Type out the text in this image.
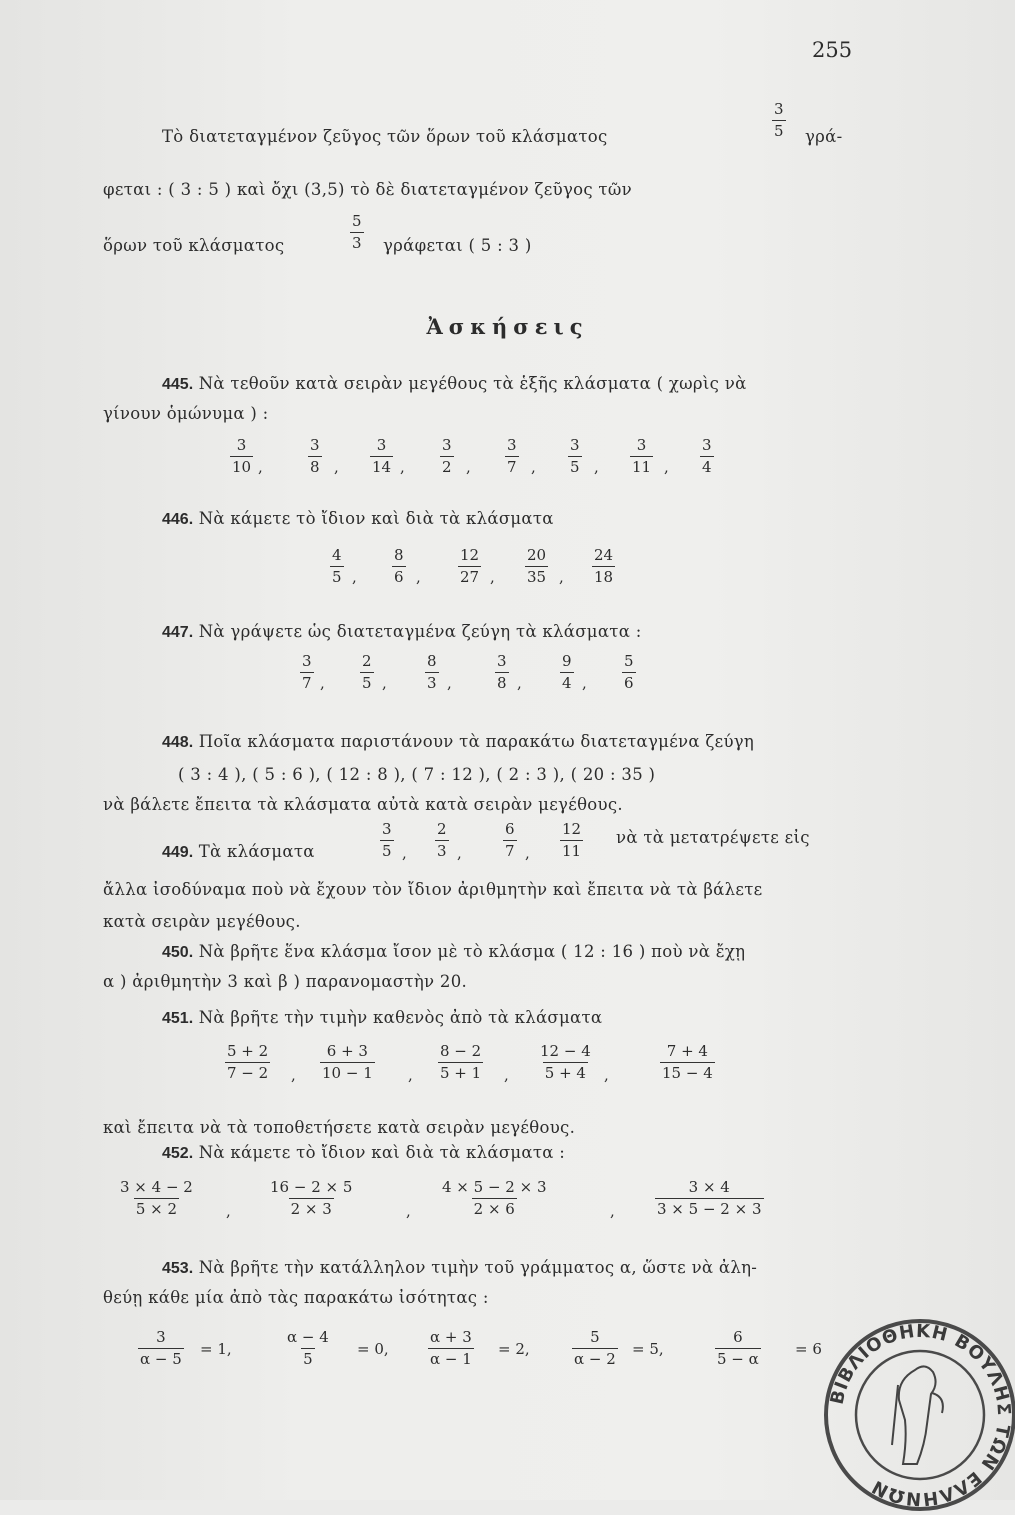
255
Τὸ διατεταγμένον ζεῦγος τῶν ὅρων τοῦ κλάσματος	$\frac{3}{5} \gamma\rho ά-$
φεται : ( 3 : 5 ) καὶ ὄχι (3,5) τὸ δὲ διατεταγμένον ζεῦγος τῶν
ὅρων τοῦ κλάσματος	$\frac{5}{3}$ γράφεται ( 5 : 3 )
Ἀσκήσεις
445. Νὰ τεθοῦν κατὰ σειρὰν μεγέθους τὰ ἑξῆς κλάσματα ( χωρὶς νὰ
γίνουν ὁμώνυμα ) :
$\frac{3}{10}$ ,	$\frac{3}{8}$ , $\frac{3}{14}$ , $\frac{3}{2}$ , $\frac{3}{7}$ , $\frac{3}{5}$ , $\frac{3}{11}$ , $\frac{3}{4}$
446. Νὰ κάμετε τὸ ἴδιον καὶ διὰ τὰ κλάσματα
$\frac{4}{5}$ , $\frac{8}{6}$ , $\frac{12}{27}$ , $\frac{20}{35}$ , $\frac{24}{18}$
447. Νὰ γράψετε ὡς διατεταγμένα ζεύγη τὰ κλάσματα :
$\frac{3}{7}$ , $\frac{2}{5}$ ,	$\frac{8}{3}$ ,	$\frac{3}{8}$ ,	$\frac{9}{4}$ , $\frac{5}{6}$
448. Ποῖα κλάσματα παριστάνουν τὰ παρακάτω διατεταγμένα ζεύγη
( 3 : 4 ), ( 5 : 6 ), ( 12 : 8 ), ( 7 : 12 ), ( 2 : 3 ), ( 20 : 35 )
νὰ βάλετε ἔπειτα τὰ κλάσματα αὐτὰ κατὰ σειρὰν μεγέθους.
449. Τὰ κλάσματα	$\frac{3}{5}$ , $\frac{2}{3}$ ,	$\frac{6}{7}$ , $\frac{12}{11}$ νὰ τὰ μετατρέψετε εἰς
ἄλλα ἰσοδύναμα ποὺ νὰ ἔχουν τὸν ἴδιον ἀριθμητὴν καὶ ἔπειτα νὰ τὰ βάλετε
κατὰ σειρὰν μεγέθους.
450. Νὰ βρῆτε ἕνα κλάσμα ἴσον μὲ τὸ κλάσμα ( 12 : 16 ) ποὺ νὰ ἔχῃ
α ) ἀριθμητὴν 3 καὶ β ) παρανομαστὴν 20.
451. Νὰ βρῆτε τὴν τιμὴν καθενὸς ἀπὸ τὰ κλάσματα
$\frac{5 + 2}{7 - 2}$ , $\frac{6 + 3}{10 - 1}$ , $\frac{8 - 2}{5 + 1}$ , $\frac{12 - 4}{5 + 4}$ ,	$\frac{7 + 4}{15 - 4}$
καὶ ἔπειτα νὰ τὰ τοποθετήσετε κατὰ σειρὰν μεγέθους.
452. Νὰ κάμετε τὸ ἴδιον καὶ διὰ τὰ κλάσματα :
$\frac{3 \times 4 - 2}{5 \times 2}$ , $\frac{16 - 2 \times 5}{2 \times 3}$	, $\frac{4 \times 5 - 2 \times 3}{2 \times 6}$	,	$\frac{3 \times 4}{3 \times 5 - 2 \times 3}$
453. Νὰ βρῆτε τὴν κατάλληλον τιμὴν τοῦ γράμματος α, ὥστε νὰ ἀλη-
θεύῃ κάθε μία ἀπὸ τὰς παρακάτω ἰσότητας :
$\frac{3}{\alpha - 5} = 1$,	$\frac{\alpha - 4}{5} = 0$,	$\frac{\alpha + 3}{\alpha - 1} = 2$,	$\frac{5}{\alpha - 2} = 5$,	$\frac{6}{5 - \alpha} = 6$
ΒΙΒΛΙΟΘΗΚΗ ΒΟΥΛΗΣ ΤΩΝ ΕΛΛΗΝΩΝ
